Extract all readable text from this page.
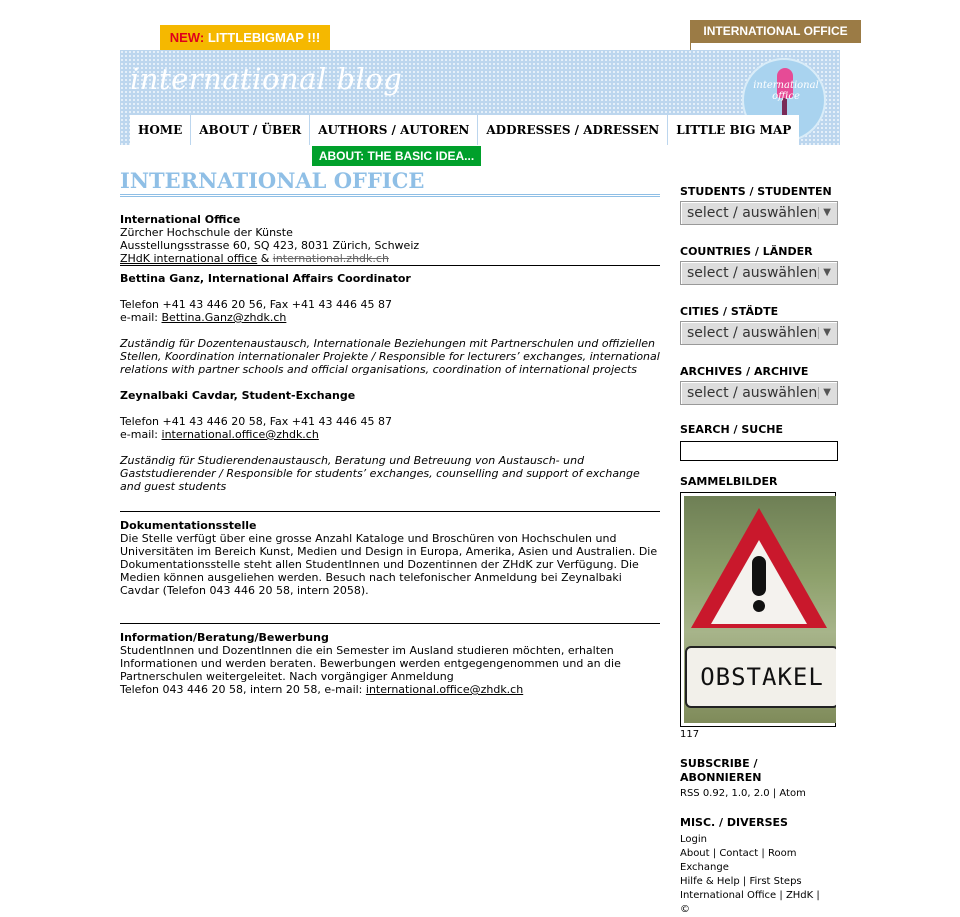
NEW: LITTLEBIGMAP !!!	INTERNATIONAL OFFICE
international blog	international office
HOME	ABOUT / ÜBER	AUTHORS / AUTOREN	ADDRESSES / ADRESSEN	LITTLE BIG MAP
ABOUT: THE BASIC IDEA...
INTERNATIONAL OFFICE

International Office

Zürcher Hochschule der Künste

Ausstellungsstrasse 60, SQ 423, 8031 Zürich, Schweiz

ZHdK international office & international.zhdk.ch

Bettina Ganz, International Affairs Coordinator

Telefon +41 43 446 20 56, Fax +41 43 446 45 87

e-mail: Bettina.Ganz@zhdk.ch

Zuständig für Dozentenaustausch, Internationale Beziehungen mit Partnerschulen und offiziellen Stellen, Koordination internationaler Projekte / Responsible for lecturers’ exchanges, international relations with partner schools and official organisations, coordination of international projects

Zeynalbaki Cavdar, Student-Exchange

Telefon +41 43 446 20 58, Fax +41 43 446 45 87

e-mail: international.office@zhdk.ch

Zuständig für Studierendenaustausch, Beratung und Betreuung von Austausch- und Gaststudierender / Responsible for students’ exchanges, counselling and support of exchange and guest students

Dokumentationsstelle

Die Stelle verfügt über eine grosse Anzahl Kataloge und Broschüren von Hochschulen und Universitäten im Bereich Kunst, Medien und Design in Europa, Amerika, Asien und Australien. Die Dokumentationsstelle steht allen StudentInnen und Dozentinnen der ZHdK zur Verfügung. Die Medien können ausgeliehen werden. Besuch nach telefonischer Anmeldung bei Zeynalbaki Cavdar (Telefon 043 446 20 58, intern 2058).

Information/Beratung/Bewerbung

StudentInnen und DozentInnen die ein Semester im Ausland studieren möchten, erhalten Informationen und werden beraten. Bewerbungen werden entgegengenommen und an die Partnerschulen weitergeleitet. Nach vorgängiger Anmeldung

Telefon 043 446 20 58, intern 20 58, e-mail: international.office@zhdk.ch

STUDENTS / STUDENTEN
select / auswählen ▼
COUNTRIES / LÄNDER
select / auswählen ▼
CITIES / STÄDTE
select / auswählen ▼
ARCHIVES / ARCHIVE
select / auswählen ▼
SEARCH / SUCHE
SAMMELBILDER
OBSTAKEL
117
SUBSCRIBE / ABONNIEREN
RSS 0.92, 1.0, 2.0 | Atom
MISC. / DIVERSES
Login
About | Contact | Room Exchange
Hilfe & Help | First Steps
International Office | ZHdK |
©
